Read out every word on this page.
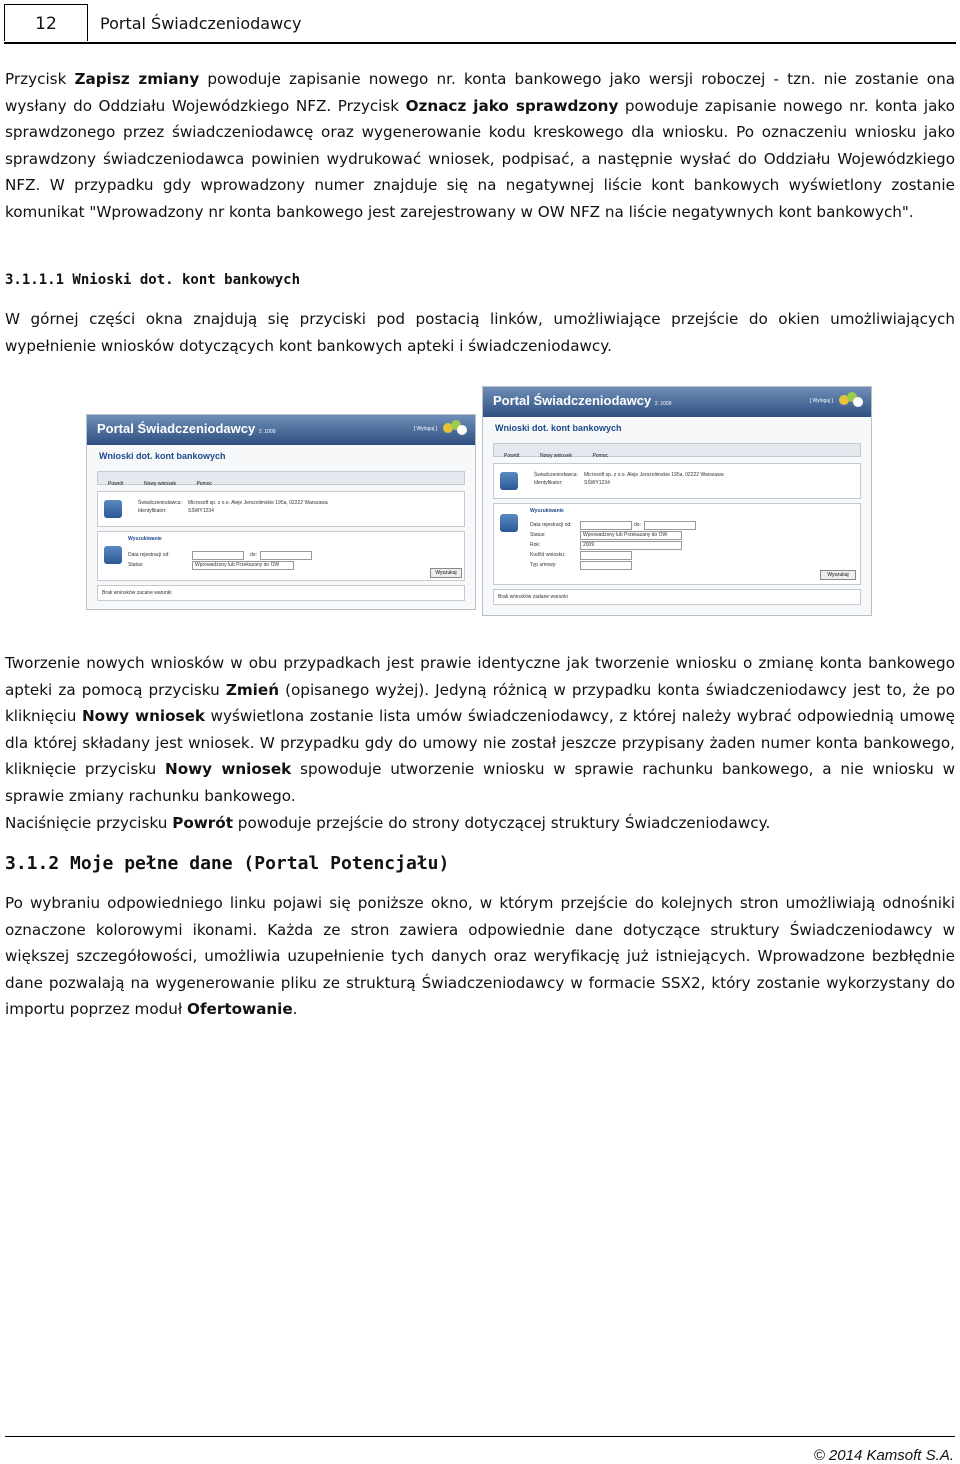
12	Portal Świadczeniodawcy

Przycisk Zapisz zmiany powoduje zapisanie nowego nr. konta bankowego jako wersji roboczej - tzn. nie zostanie ona wysłany do Oddziału Wojewódzkiego NFZ. Przycisk Oznacz jako sprawdzony powoduje zapisanie nowego nr. konta jako sprawdzonego przez świadczeniodawcę oraz wygenerowanie kodu kreskowego dla wniosku. Po oznaczeniu wniosku jako sprawdzony świadczeniodawca powinien wydrukować wniosek, podpisać, a następnie wysłać do Oddziału Wojewódzkiego NFZ. W przypadku gdy wprowadzony numer znajduje się na negatywnej liście kont bankowych wyświetlony zostanie komunikat "Wprowadzony nr konta bankowego jest zarejestrowany w OW NFZ na liście negatywnych kont bankowych".

3.1.1.1 Wnioski dot. kont bankowych

W górnej części okna znajdują się przyciski pod postacią linków, umożliwiające przejście do okien umożliwiających wypełnienie wniosków dotyczących kont bankowych apteki i świadczeniodawcy.

Portal Świadczeniodawcy 2. 1009	[ Wyloguj ]
Wnioski dot. kont bankowych
Powrót	Nowy wniosek	Pomoc
Świadczeniodawca: Microsoft sp. z o.o. Aleje Jerozolimskie 195a, 02222 Warszawa
Identyfikator:	SŚWY1234
Wyszukiwanie
Data rejestracji od:	do:
Status:	Wprowadzony lub Przekazany do OW
Wyszukaj
Brak wniosków zacane warunki
Portal Świadczeniodawcy 2. 1009	[ Wyloguj ]
Wnioski dot. kont bankowych
Powrót	Nowy wniosek	Pomoc
Świadczeniodawca: Microsoft sp. z o.o. Aleje Jerozolimskie 195a, 02222 Warszawa
Identyfikator:	SŚWY1234
Wyszukiwanie
Data rejestracji od:	do:
Status:	Wprowadzony lub Przekazany do OW
Rok:	2009
Kod/Id wniosku:
Typ umowy:
Wyszukaj
Brak wniosków zadane warunki

Tworzenie nowych wniosków w obu przypadkach jest prawie identyczne jak tworzenie wniosku o zmianę konta bankowego apteki za pomocą przycisku Zmień (opisanego wyżej). Jedyną różnicą w przypadku konta świadczeniodawcy jest to, że po kliknięciu Nowy wniosek wyświetlona zostanie lista umów świadczeniodawcy, z której należy wybrać odpowiednią umowę dla której składany jest wniosek. W przypadku gdy do umowy nie został jeszcze przypisany żaden numer konta bankowego, kliknięcie przycisku Nowy wniosek spowoduje utworzenie wniosku w sprawie rachunku bankowego, a nie wniosku w sprawie zmiany rachunku bankowego.

Naciśnięcie przycisku Powrót powoduje przejście do strony dotyczącej struktury Świadczeniodawcy.

3.1.2 Moje pełne dane (Portal Potencjału)

Po wybraniu odpowiedniego linku pojawi się poniższe okno, w którym przejście do kolejnych stron umożliwiają odnośniki oznaczone kolorowymi ikonami. Każda ze stron zawiera odpowiednie dane dotyczące struktury Świadczeniodawcy w większej szczegółowości, umożliwia uzupełnienie tych danych oraz weryfikację już istniejących. Wprowadzone bezbłędnie dane pozwalają na wygenerowanie pliku ze strukturą Świadczeniodawcy w formacie SSX2, który zostanie wykorzystany do importu poprzez moduł Ofertowanie.

© 2014 Kamsoft S.A.
